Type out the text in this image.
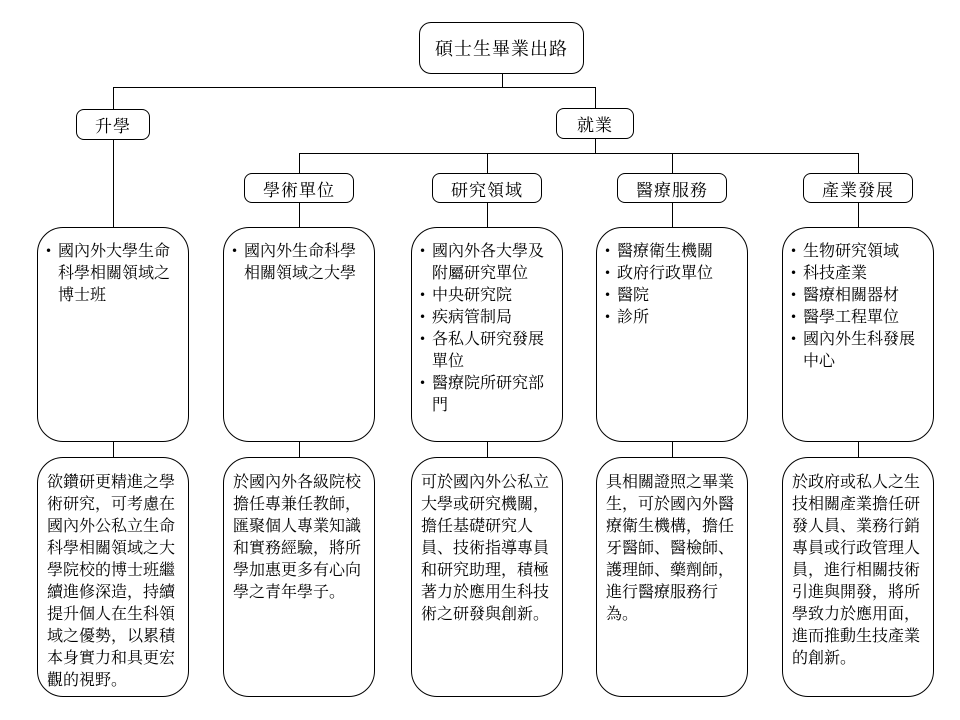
碩士生畢業出路
升學	就業
學術單位	研究領域	醫療服務	產業發展
• 國內外大學生命科學相關領域之博士班
• 國內外生命科學相關領域之大學
• 國內外各大學及附屬研究單位
• 中央研究院
• 疾病管制局
• 各私人研究發展單位
• 醫療院所研究部門
• 醫療衛生機關
• 政府行政單位
• 醫院
• 診所
• 生物研究領域
• 科技產業
• 醫療相關器材
• 醫學工程單位
• 國內外生科發展中心
欲鑽研更精進之學術研究，可考慮在國內外公私立生命科學相關領域之大學院校的博士班繼續進修深造，持續提升個人在生科領域之優勢，以累積本身實力和具更宏觀的視野。
於國內外各級院校擔任專兼任教師，匯聚個人專業知識和實務經驗，將所學加惠更多有心向學之青年學子。
可於國內外公私立大學或研究機關，擔任基礎研究人員、技術指導專員和研究助理，積極著力於應用生科技術之研發與創新。
具相關證照之畢業生，可於國內外醫療衛生機構，擔任牙醫師、醫檢師、護理師、藥劑師，進行醫療服務行為。
於政府或私人之生技相關產業擔任研發人員、業務行銷專員或行政管理人員，進行相關技術引進與開發，將所學致力於應用面，進而推動生技產業的創新。
